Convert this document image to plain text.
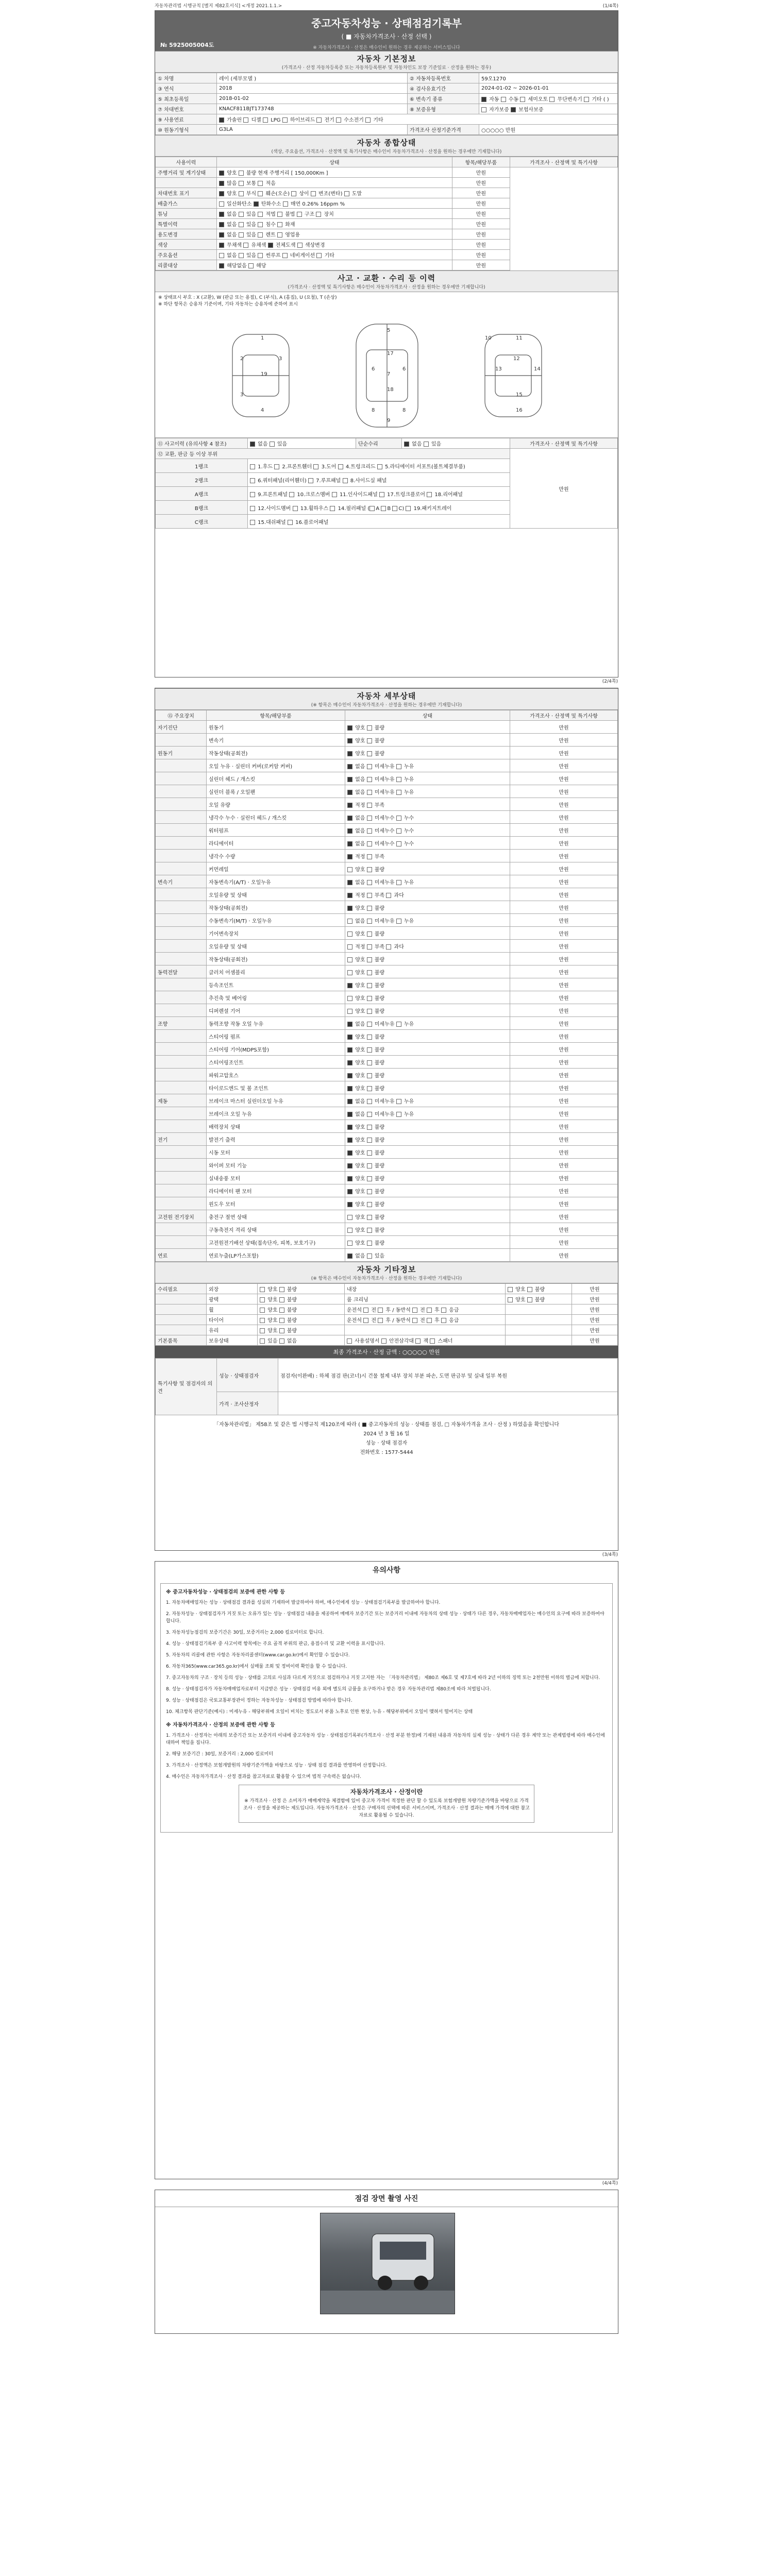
자동차관리법 시행규칙 [별지 제82호서식] <개정 2021.1.1.>	(1/4쪽)
중고자동차성능 · 상태점검기록부
( ■ 자동차가격조사 · 산정 선택 )
※ 자동차가격조사 · 산정은 매수인이 원하는 경우 제공하는 서비스입니다
№ 5925005004도
자동차 기본정보
(가격조사 · 산정 자동차등록증 또는 자동차등록원부 및 자동차인도 보장 기준일로 · 산정을 원하는 경우)
① 차명	레이 (세부모델 )	② 자동차등록번호	59오1270
③ 연식	2018	④ 검사유효기간	2024-01-02 ~ 2026-01-01
⑤ 최초등록일	2018-01-02	⑥ 변속기 종류	자동  수동  세미오토  무단변속기  기타 ( )
⑦ 차대번호	KNACF811BJT173748	⑧ 보증유형	자가보증  보험사보증
⑨ 사용연료	가솔린  디젤  LPG  하이브리드  전기  수소전기  기타		
⑩ 원동기형식	G3LA	가격조사 산정기준가격	○○○○○ 만원
자동차 종합상태
(색상, 주요옵션, 가격조사 · 산정액 및 특기사항은 매수인이 자동차가격조사 · 산정을 원하는 경우에만 기재합니다)
사용이력	상태	항목/해당부품	가격조사 · 산정액 및 특기사항
주행거리 및 계기상태	양호  불량 현재 주행거리 [ 150,000Km ]	만원	
	많음  보통  적음	만원	
차대번호 표기	양호  부식  훼손(오손)  상이  변조(변타)  도말	만원	
배출가스	일산화탄소  탄화수소  매연 0.26% 16ppm %	만원	
튜닝	없음  있음  적법  불법  구조  장치	만원	
특별이력	없음  있음  침수  화재	만원	
용도변경	없음  있음  렌트  영업용	만원	
색상	무채색  유채색  전체도색  색상변경	만원	
주요옵션	없음  있음  썬루프  네비게이션  기타	만원	
리콜대상	해당없음  해당	만원	
사고 · 교환 · 수리 등 이력
(가격조사 · 산정액 및 특기사항은 매수인이 자동차가격조사 · 산정을 원하는 경우에만 기재합니다)
※ 상태표시 부호 : X (교환), W (판금 또는 용접), C (부식), A (흠집), U (요철), T (손상)
※ 하단 항목은 승용차 기준이며, 기타 자동차는 승용차에 준하여 표시
1
2	3
3
4
5
6	6
7
8	8
9
10	11
12
13	14
15
16
17
18
19
⑪ 사고이력 (유의사항 4 참조)	없음  있음	단순수리	없음  있음	가격조사 · 산정액 및 특기사항
⑫ 교환, 판금 등 이상 부위				만원
1랭크	1.후드  2.프론트휀더  3.도어  4.트렁크리드  5.라디에이터 서포트(볼트체결부품)			
2랭크	6.쿼터패널(리어휀더)  7.루프패널  8.사이드실 패널			
A랭크	9.프론트패널  10.크로스멤버  11.인사이드패널  17.트렁크플로어  18.리어패널			
B랭크	12.사이드멤버  13.휠하우스  14.필러패널 ( A B C)  19.패키지트레이			
C랭크	15.대쉬패널  16.플로어패널			
(2/4쪽)
자동차 세부상태
(※ 항목은 매수인이 자동차가격조사 · 산정을 원하는 경우에만 기재합니다)
⑮ 주요장치	항목/해당부품	상태	가격조사 · 산정액 및 특기사항
자기진단	원동기	양호  불량	만원
	변속기	양호  불량	만원
원동기	작동상태(공회전)	양호  불량	만원
	오일 누유 · 실린더 커버(로커암 커버)	없음  미세누유  누유	만원
	실린더 헤드 / 개스킷	없음  미세누유  누유	만원
	실린더 블록 / 오일팬	없음  미세누유  누유	만원
	오일 유량	적정  부족	만원
	냉각수 누수 · 실린더 헤드 / 개스킷	없음  미세누수  누수	만원
	워터펌프	없음  미세누수  누수	만원
	라디에이터	없음  미세누수  누수	만원
	냉각수 수량	적정  부족	만원
	커먼레일	양호  불량	만원
변속기	자동변속기(A/T) · 오일누유	없음  미세누유  누유	만원
	오일유량 및 상태	적정  부족  과다	만원
	작동상태(공회전)	양호  불량	만원
	수동변속기(M/T) · 오일누유	없음  미세누유  누유	만원
	기어변속장치	양호  불량	만원
	오일유량 및 상태	적정  부족  과다	만원
	작동상태(공회전)	양호  불량	만원
동력전달	클러치 어셈블리	양호  불량	만원
	등속조인트	양호  불량	만원
	추진축 및 베어링	양호  불량	만원
	디퍼렌셜 기어	양호  불량	만원
조향	동력조향 작동 오일 누유	없음  미세누유  누유	만원
	스티어링 펌프	양호  불량	만원
	스티어링 기어(MDPS포함)	양호  불량	만원
	스티어링조인트	양호  불량	만원
	파워고압호스	양호  불량	만원
	타이로드엔드 및 볼 조인트	양호  불량	만원
제동	브레이크 마스터 실린더오일 누유	없음  미세누유  누유	만원
	브레이크 오일 누유	없음  미세누유  누유	만원
	배력장치 상태	양호  불량	만원
전기	발전기 출력	양호  불량	만원
	시동 모터	양호  불량	만원
	와이퍼 모터 기능	양호  불량	만원
	실내송풍 모터	양호  불량	만원
	라디에이터 팬 모터	양호  불량	만원
	윈도우 모터	양호  불량	만원
고전원 전기장치	충전구 절연 상태	양호  불량	만원
	구동축전지 격리 상태	양호  불량	만원
	고전원전기배선 상태(접속단자, 피복, 보호기구)	양호  불량	만원
연료	연료누출(LP가스포함)	없음  있음	만원
자동차 기타정보
(※ 항목은 매수인이 자동차가격조사 · 산정을 원하는 경우에만 기재합니다)
수리필요	외장	양호  불량	내장	양호  불량	만원
	광택	양호  불량	룸 크리닝	양호  불량	만원
	휠	양호  불량	운전석  전  후 / 동반석  전  후  응급		만원
	타이어	양호  불량	운전석  전  후 / 동반석  전  후  응급		만원
	유리	양호  불량			만원
기본품목	보유상태	있음  없음	사용설명서  안전삼각대  잭  스패너		만원
최종 가격조사 · 산정 금액 : ○○○○○ 만원
특기사항 및 점검자의 의견	성능 · 상태점검자	점검자(이완배) : 하체 점검 판(코너)시 건물 철제 내부 장치 부분 파손, 도면 판금부 및 실내 일부 복원
	가격 · 조사산정자	
「자동차관리법」 제58조 및 같은 법 시행규칙 제120조에 따라 ( ■ 중고자동차의 성능 · 상태를 점검, □ 자동차가격을 조사 · 산정 ) 하였음을 확인합니다
2024 년 3 월 16 일
성능 · 상태 점검자
전화번호 : 1577-5444
(3/4쪽)
유의사항
※ 중고자동차성능 · 상태점검의 보증에 관한 사항 등
1. 자동차매매업자는 성능 · 상태점검 결과를 성실히 기재하여 발급하여야 하며, 매수인에게 성능 · 상태점검기록부를 발급하여야 합니다.
2. 자동차성능 · 상태점검자가 거짓 또는 오류가 있는 성능 · 상태점검 내용을 제공하여 매매자 보증기간 또는 보증거리 이내에 자동차의 상태 성능 · 상태가 다른 경우, 자동차매매업자는 매수인의 요구에 따라 보증하여야 합니다.
3. 자동차성능점검의 보증기간은 30일, 보증거리는 2,000 킬로미터로 합니다.
4. 성능 · 상태점검기록부 중 사고이력 항목에는 주요 골격 부위의 판금, 용접수리 및 교환 이력을 표시합니다.
5. 자동차의 리콜에 관한 사항은 자동차리콜센터(www.car.go.kr)에서 확인할 수 있습니다.
6. 자동차365(www.car365.go.kr)에서 실매물 조회 및 정비이력 확인을 할 수 있습니다.
7. 중고자동차의 구조 · 장치 등의 성능 · 상태를 고의로 사실과 다르게 거짓으로 점검하거나 거짓 고지한 자는 「자동차관리법」 제80조 제6호 및 제7호에 따라 2년 이하의 징역 또는 2천만원 이하의 벌금에 처합니다.
8. 성능 · 상태점검자가 자동차매매업자로부터 지급받은 성능 · 상태점검 비용 외에 별도의 금품을 요구하거나 받은 경우 자동차관리법 제80조에 따라 처벌됩니다.
9. 성능 · 상태점검은 국토교통부장관이 정하는 자동차성능 · 상태점검 방법에 따라야 합니다.
10. 체크항목 판단기준(예시) : 미세누유 - 해당부위에 오일이 비치는 정도로서 부품 노후로 인한 현상, 누유 - 해당부위에서 오일이 맺혀서 떨어지는 상태
※ 자동차가격조사 · 산정의 보증에 관한 사항 등
1. 가격조사 · 산정자는 아래의 보증기간 또는 보증거리 이내에 중고자동차 성능 · 상태점검기록부(가격조사 · 산정 부분 한정)에 기재된 내용과 자동차의 실제 성능 · 상태가 다른 경우 계약 또는 관계법령에 따라 매수인에 대하여 책임을 집니다.
2. 해당 보증기간 : 30일, 보증거리 : 2,000 킬로미터
3. 가격조사 · 산정액은 보험개발원의 차량기준가액을 바탕으로 성능 · 상태 점검 결과를 반영하여 산정합니다.
4. 매수인은 자동차가격조사 · 산정 결과를 참고자료로 활용할 수 있으며 법적 구속력은 없습니다.
자동차가격조사 · 산정이란
※ 가격조사 · 산정 은 소비자가 매매계약을 체결함에 있어 중고차 가격이 적정한 판단 할 수 있도록 보험개발원 차량기준가액을 바탕으로 가격조사 · 산정을 제공하는 제도입니다. 자동차가격조사 · 산정은 구매자의 선택에 따른 서비스이며, 가격조사 · 산정 결과는 매매 가격에 대한 참고자료로 활용될 수 있습니다.
(4/4쪽)
점검 장면 촬영 사진
